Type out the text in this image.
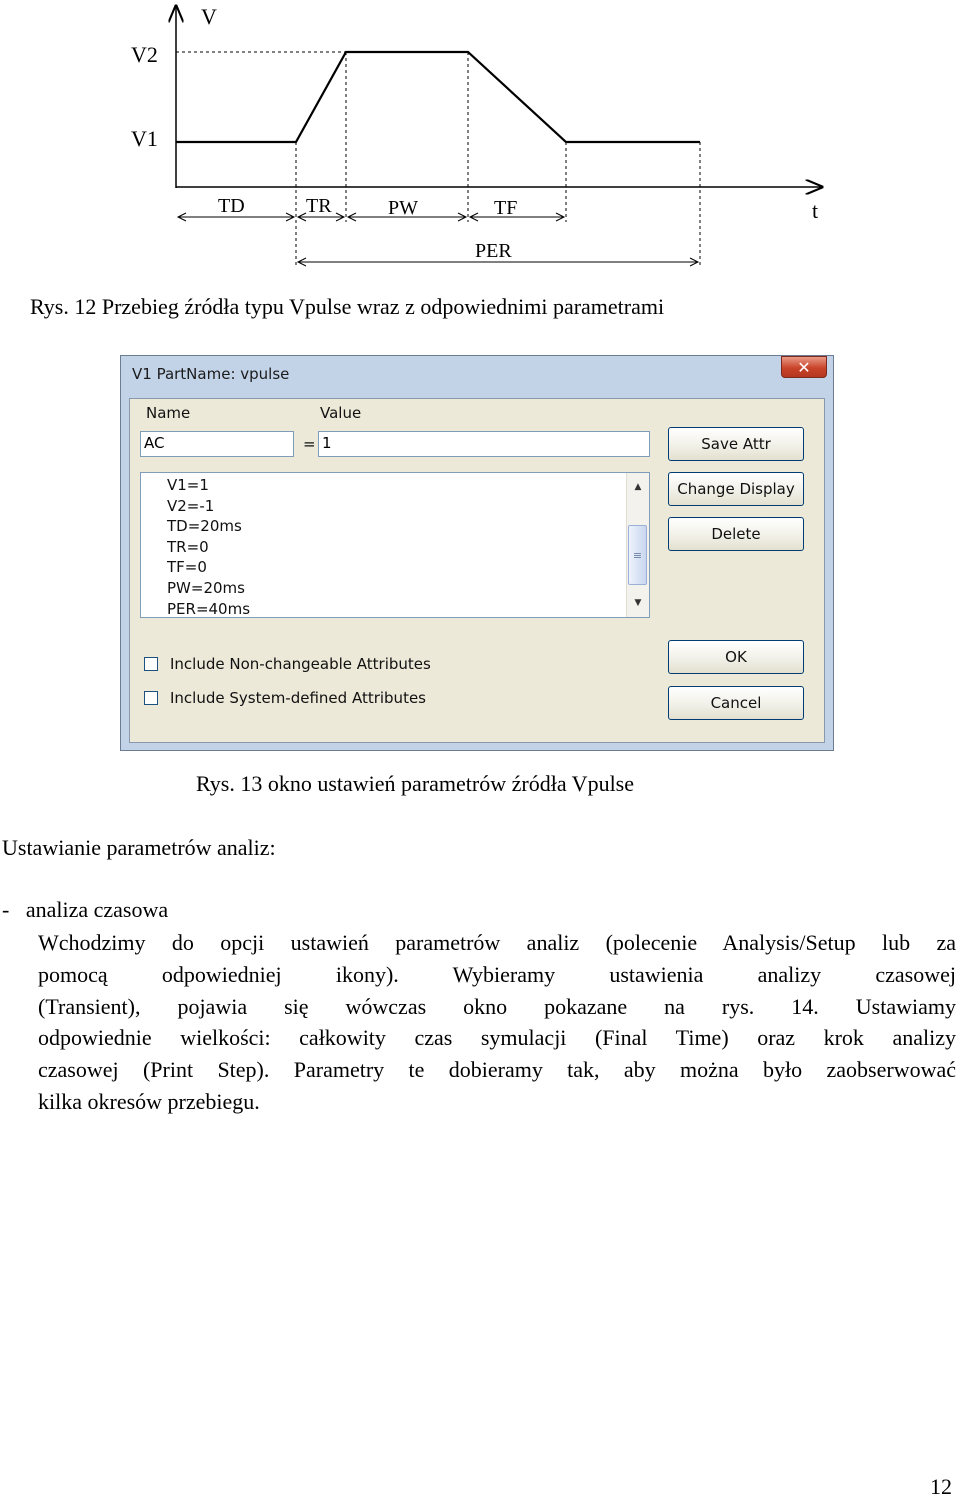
V
V2
V1
t
TD	TR	PW	TF
PER
Rys. 12 Przebieg źródła typu Vpulse wraz z odpowiednimi parametrami
V1 PartName: vpulse	✕
Name	Value
AC	= 1
V1=1
V2=-1
TD=20ms
TR=0
TF=0
PW=20ms
PER=40ms
▲
≡
▼
Save Attr
Change Display
Delete
OK
Cancel
Include Non-changeable Attributes
Include System-defined Attributes
Rys. 13 okno ustawień parametrów źródła Vpulse
Ustawianie parametrów analiz:
-   analiza czasowa
Wchodzimy do opcji ustawień parametrów analiz (polecenie Analysis/Setup lub za
pomocą odpowiedniej ikony). Wybieramy ustawienia analizy czasowej
(Transient), pojawia się wówczas okno pokazane na rys. 14. Ustawiamy
odpowiednie wielkości: całkowity czas symulacji (Final Time) oraz krok analizy
czasowej (Print Step). Parametry te dobieramy tak, aby można było zaobserwować
kilka okresów przebiegu.
12
